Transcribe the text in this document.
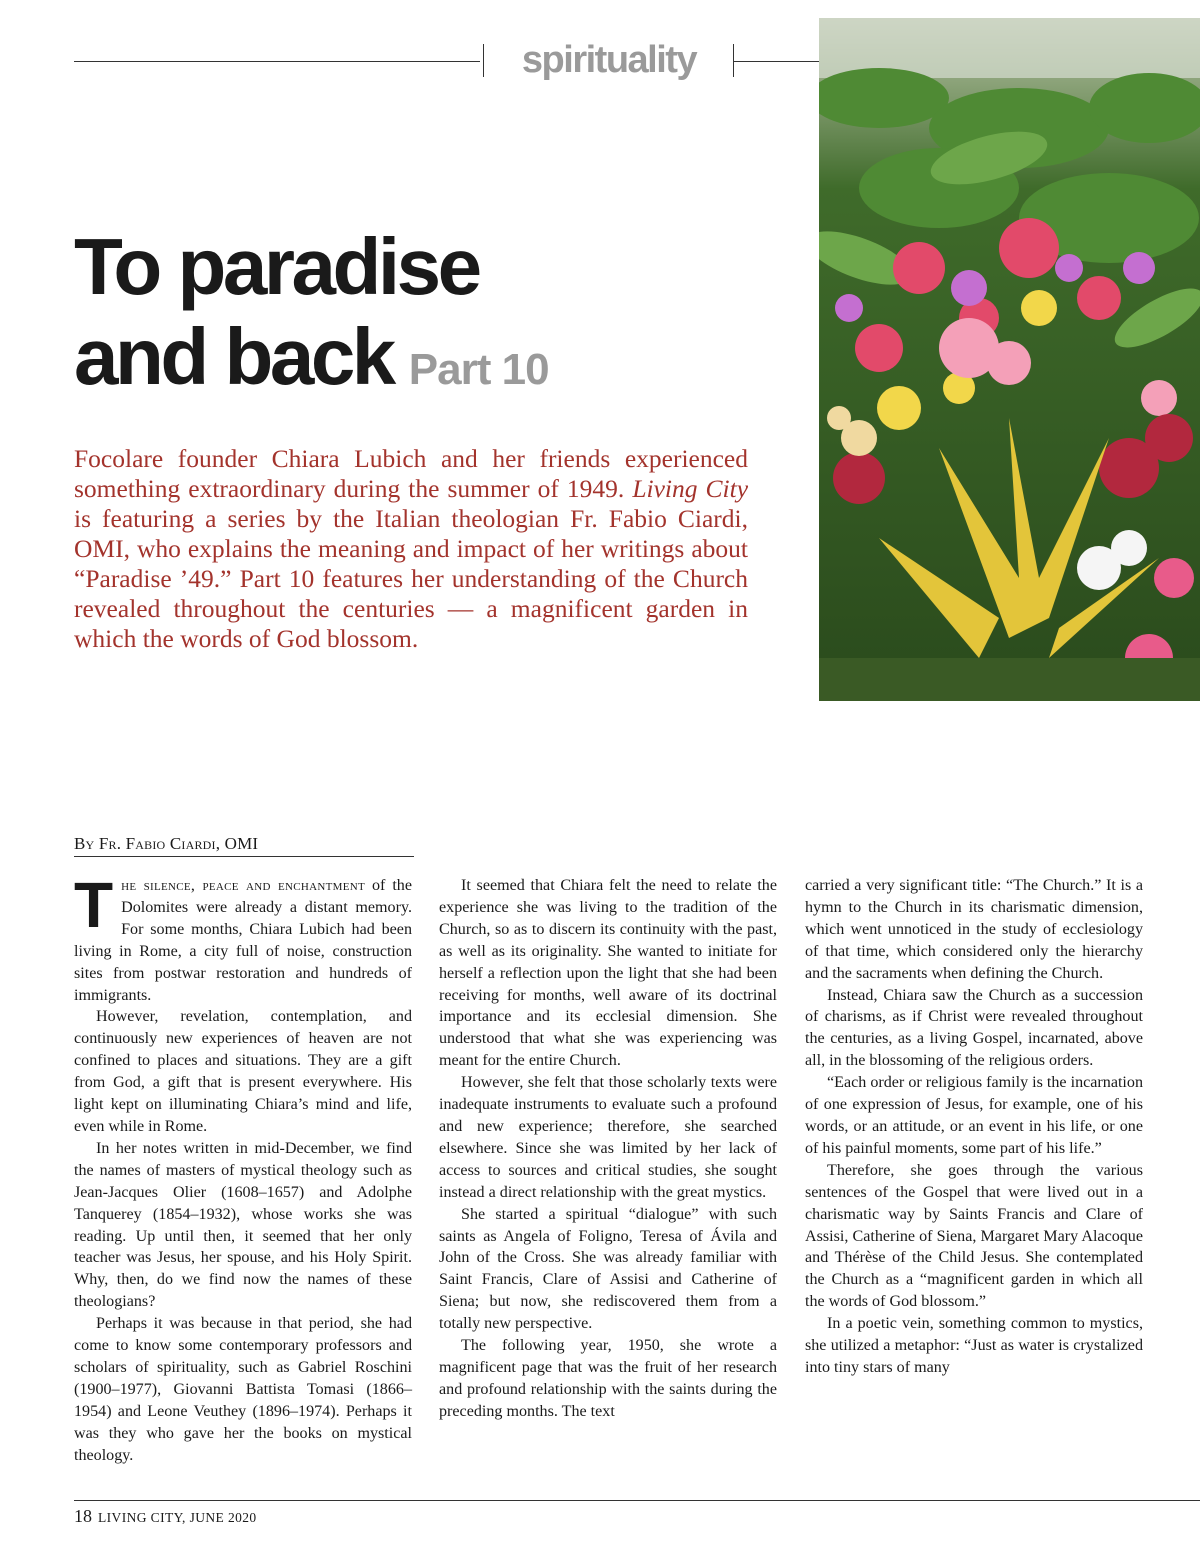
spirituality
To paradise
and back Part 10
Focolare founder Chiara Lubich and her friends experienced something extraordinary during the summer of 1949. Living City is featuring a series by the Italian theologian Fr. Fabio Ciardi, OMI, who explains the meaning and impact of her writings about “Paradise ’49.” Part 10 features her understanding of the Church revealed throughout the centuries — a magnificent garden in which the words of God blossom.
By Fr. Fabio Ciardi, OMI

The silence, peace and enchantment of the Dolomites were already a distant memory. For some months, Chiara Lubich had been living in Rome, a city full of noise, construction sites from postwar restoration and hundreds of immigrants.

However, revelation, contemplation, and continuously new experiences of heaven are not confined to places and situations. They are a gift from God, a gift that is present everywhere. His light kept on illuminating Chiara’s mind and life, even while in Rome.

In her notes written in mid-December, we find the names of masters of mystical theology such as Jean-Jacques Olier (1608–1657) and Adolphe Tanquerey (1854–1932), whose works she was reading. Up until then, it seemed that her only teacher was Jesus, her spouse, and his Holy Spirit. Why, then, do we find now the names of these theologians?

Perhaps it was because in that period, she had come to know some contemporary professors and scholars of spirituality, such as Gabriel Roschini (1900–1977), Giovanni Battista Tomasi (1866–1954) and Leone Veuthey (1896–1974). Perhaps it was they who gave her the books on mystical theology.

It seemed that Chiara felt the need to relate the experience she was living to the tradition of the Church, so as to discern its continuity with the past, as well as its originality. She wanted to initiate for herself a reflection upon the light that she had been receiving for months, well aware of its doctrinal importance and its ecclesial dimension. She understood that what she was experiencing was meant for the entire Church.

However, she felt that those scholarly texts were inadequate instruments to evaluate such a profound and new experience; therefore, she searched elsewhere. Since she was limited by her lack of access to sources and critical studies, she sought instead a direct relationship with the great mystics.

She started a spiritual “dialogue” with such saints as Angela of Foligno, Teresa of Ávila and John of the Cross. She was already familiar with Saint Francis, Clare of Assisi and Catherine of Siena; but now, she rediscovered them from a totally new perspective.

The following year, 1950, she wrote a magnificent page that was the fruit of her research and profound relationship with the saints during the preceding months. The text

carried a very significant title: “The Church.” It is a hymn to the Church in its charismatic dimension, which went unnoticed in the study of ecclesiology of that time, which considered only the hierarchy and the sacraments when defining the Church.

Instead, Chiara saw the Church as a succession of charisms, as if Christ were revealed throughout the centuries, as a living Gospel, incarnated, above all, in the blossoming of the religious orders.

“Each order or religious family is the incarnation of one expression of Jesus, for example, one of his words, or an attitude, or an event in his life, or one of his painful moments, some part of his life.”

Therefore, she goes through the various sentences of the Gospel that were lived out in a charismatic way by Saints Francis and Clare of Assisi, Catherine of Siena, Margaret Mary Alacoque and Thérèse of the Child Jesus. She contemplated the Church as a “magnificent garden in which all the words of God blossom.”

In a poetic vein, something common to mystics, she utilized a metaphor: “Just as water is crystalized into tiny stars of many

18 LIVING CITY, JUNE 2020
